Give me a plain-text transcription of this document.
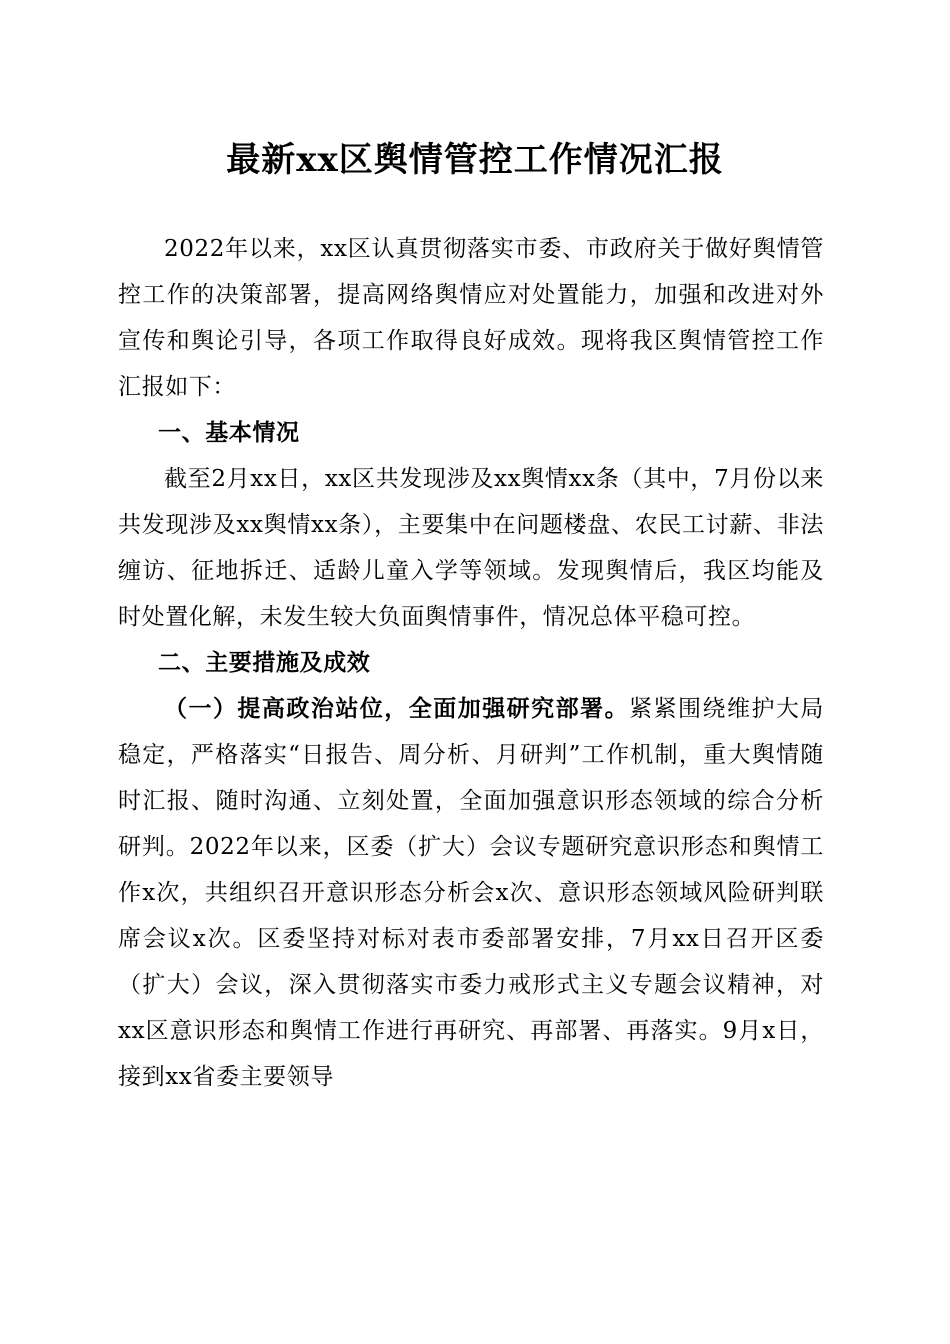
最新xx区舆情管控工作情况汇报

2022年以来，xx区认真贯彻落实市委、市政府关于做好舆情管控工作的决策部署，提高网络舆情应对处置能力，加强和改进对外宣传和舆论引导，各项工作取得良好成效。现将我区舆情管控工作汇报如下：

一、基本情况

截至2月xx日，xx区共发现涉及xx舆情xx条（其中，7月份以来共发现涉及xx舆情xx条），主要集中在问题楼盘、农民工讨薪、非法缠访、征地拆迁、适龄儿童入学等领域。发现舆情后，我区均能及时处置化解，未发生较大负面舆情事件，情况总体平稳可控。

二、主要措施及成效

（一）提高政治站位，全面加强研究部署。紧紧围绕维护大局稳定，严格落实“日报告、周分析、月研判”工作机制，重大舆情随时汇报、随时沟通、立刻处置，全面加强意识形态领域的综合分析研判。2022年以来，区委（扩大）会议专题研究意识形态和舆情工作x次，共组织召开意识形态分析会x次、意识形态领域风险研判联席会议x次。区委坚持对标对表市委部署安排，7月xx日召开区委（扩大）会议，深入贯彻落实市委力戒形式主义专题会议精神，对xx区意识形态和舆情工作进行再研究、再部署、再落实。9月x日，接到xx省委主要领导
